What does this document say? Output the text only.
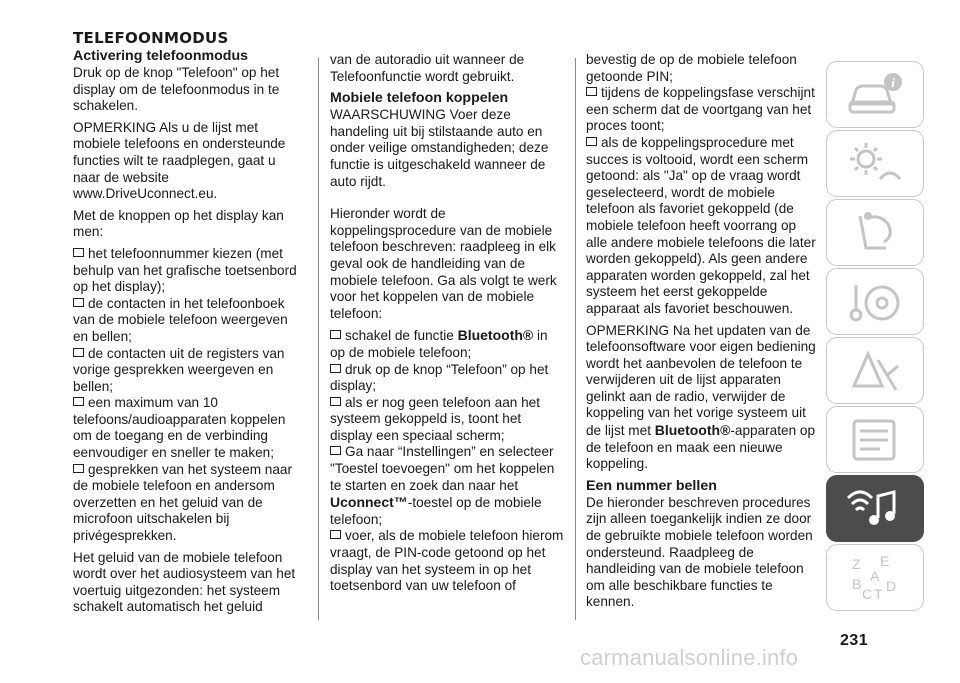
TELEFOONMODUS
Activering telefoonmodus

Druk op de knop "Telefoon" op het display om de telefoonmodus in te schakelen.

OPMERKING Als u de lijst met mobiele telefoons en ondersteunde functies wilt te raadplegen, gaat u naar de website www.DriveUconnect.eu.

Met de knoppen op het display kan men:

het telefoonnummer kiezen (met behulp van het grafische toetsenbord op het display);
de contacten in het telefoonboek van de mobiele telefoon weergeven en bellen;
de contacten uit de registers van vorige gesprekken weergeven en bellen;
een maximum van 10 telefoons/audioapparaten koppelen om de toegang en de verbinding eenvoudiger en sneller te maken;
gesprekken van het systeem naar de mobiele telefoon en andersom overzetten en het geluid van de microfoon uitschakelen bij privégesprekken.

Het geluid van de mobiele telefoon wordt over het audiosysteem van het voertuig uitgezonden: het systeem schakelt automatisch het geluid

van de autoradio uit wanneer de Telefoonfunctie wordt gebruikt.

Mobiele telefoon koppelen

WAARSCHUWING Voer deze handeling uit bij stilstaande auto en onder veilige omstandigheden; deze functie is uitgeschakeld wanneer de auto rijdt.

Hieronder wordt de koppelingsprocedure van de mobiele telefoon beschreven: raadpleeg in elk geval ook de handleiding van de mobiele telefoon. Ga als volgt te werk voor het koppelen van de mobiele telefoon:

schakel de functie Bluetooth® in op de mobiele telefoon;
druk op de knop “Telefoon” op het display;
als er nog geen telefoon aan het systeem gekoppeld is, toont het display een speciaal scherm;
Ga naar “Instellingen” en selecteer "Toestel toevoegen" om het koppelen te starten en zoek dan naar het Uconnect™-toestel op de mobiele telefoon;
voer, als de mobiele telefoon hierom vraagt, de PIN-code getoond op het display van het systeem in op het toetsenbord van uw telefoon of

bevestig de op de mobiele telefoon getoonde PIN;

tijdens de koppelingsfase verschijnt een scherm dat de voortgang van het proces toont;
als de koppelingsprocedure met succes is voltooid, wordt een scherm getoond: als "Ja" op de vraag wordt geselecteerd, wordt de mobiele telefoon als favoriet gekoppeld (de mobiele telefoon heeft voorrang op alle andere mobiele telefoons die later worden gekoppeld). Als geen andere apparaten worden gekoppeld, zal het systeem het eerst gekoppelde apparaat als favoriet beschouwen.

OPMERKING Na het updaten van de telefoonsoftware voor eigen bediening wordt het aanbevolen de telefoon te verwijderen uit de lijst apparaten gelinkt aan de radio, verwijder de koppeling van het vorige systeem uit de lijst met Bluetooth®-apparaten op de telefoon en maak een nieuwe koppeling.

Een nummer bellen

De hieronder beschreven procedures zijn alleen toegankelijk indien ze door de gebruikte mobiele telefoon worden ondersteund. Raadpleeg de handleiding van de mobiele telefoon om alle beschikbare functies te kennen.

i
Z E
A
B D
C T
231
carmanualsonline.info
